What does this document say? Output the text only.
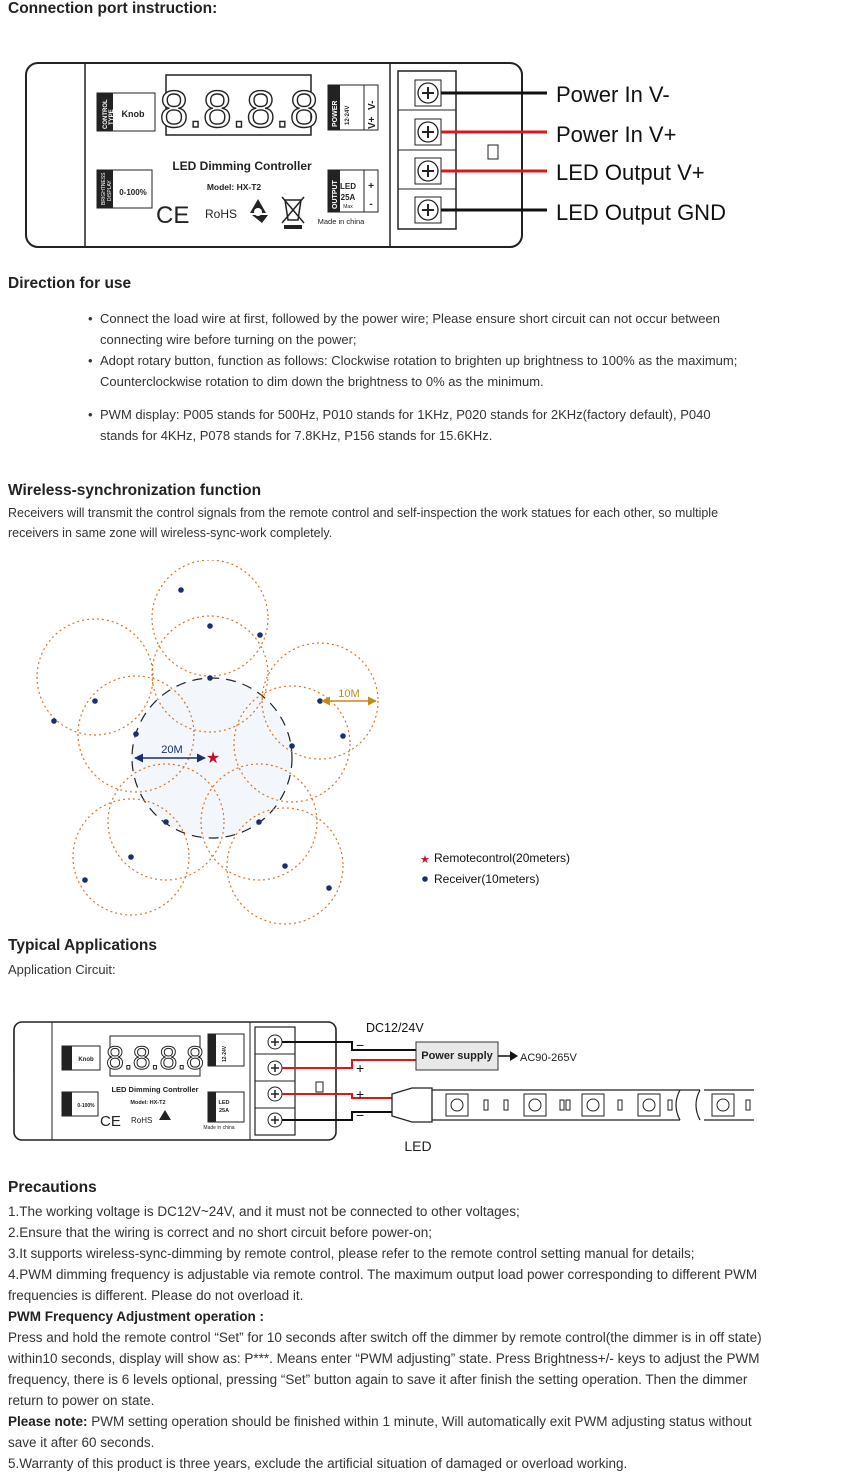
Connection port instruction:
CONTROL TYPE Knob 8.8.8.8
LED Dimming Controller
Model: HX-T2
BRIGHTNESS DISPLAY 0-100%
CE RoHS
POWER 12-24V
V-
V+
OUTPUT LED
25A
Max
+
-
Made in china
Power In V-
Power In V+
LED Output V+
LED Output GND
Direction for use
• Connect the load wire at first, followed by the power wire; Please ensure short circuit can not occur between connecting wire before turning on the power;
• Adopt rotary button, function as follows: Clockwise rotation to brighten up brightness to 100% as the maximum; Counterclockwise rotation to dim down the brightness to 0% as the minimum.
• PWM display: P005 stands for 500Hz, P010 stands for 1KHz, P020 stands for 2KHz(factory default), P040 stands for 4KHz, P078 stands for 7.8KHz, P156 stands for 15.6KHz.
Wireless-synchronization function
Receivers will transmit the control signals from the remote control and self-inspection the work statues for each other, so multiple receivers in same zone will wireless-sync-work completely.
20M
10M
★
★ Remotecontrol(20meters)
Receiver(10meters)
Typical Applications
Application Circuit:
Knob 8.8.8.8
LED Dimming Controller
Model: HX-T2
0-100%
CE RoHS
12-24V
LED
25A
Made in china
−
+
DC12/24V
Power supply AC90-265V
+
−
LED
Precautions
1.The working voltage is DC12V~24V, and it must not be connected to other voltages;
2.Ensure that the wiring is correct and no short circuit before power-on;
3.It supports wireless-sync-dimming by remote control, please refer to the remote control setting manual for details;
4.PWM dimming frequency is adjustable via remote control. The maximum output load power corresponding to different PWM frequencies is different. Please do not overload it.
PWM Frequency Adjustment operation :
Press and hold the remote control “Set” for 10 seconds after switch off the dimmer by remote control(the dimmer is in off state) within10 seconds, display will show as: P***. Means enter “PWM adjusting” state. Press Brightness+/- keys to adjust the PWM frequency, there is 6 levels optional, pressing “Set” button again to save it after finish the setting operation. Then the dimmer return to power on state.
Please note: PWM setting operation should be finished within 1 minute, Will automatically exit PWM adjusting status without save it after 60 seconds.
5.Warranty of this product is three years, exclude the artificial situation of damaged or overload working.
